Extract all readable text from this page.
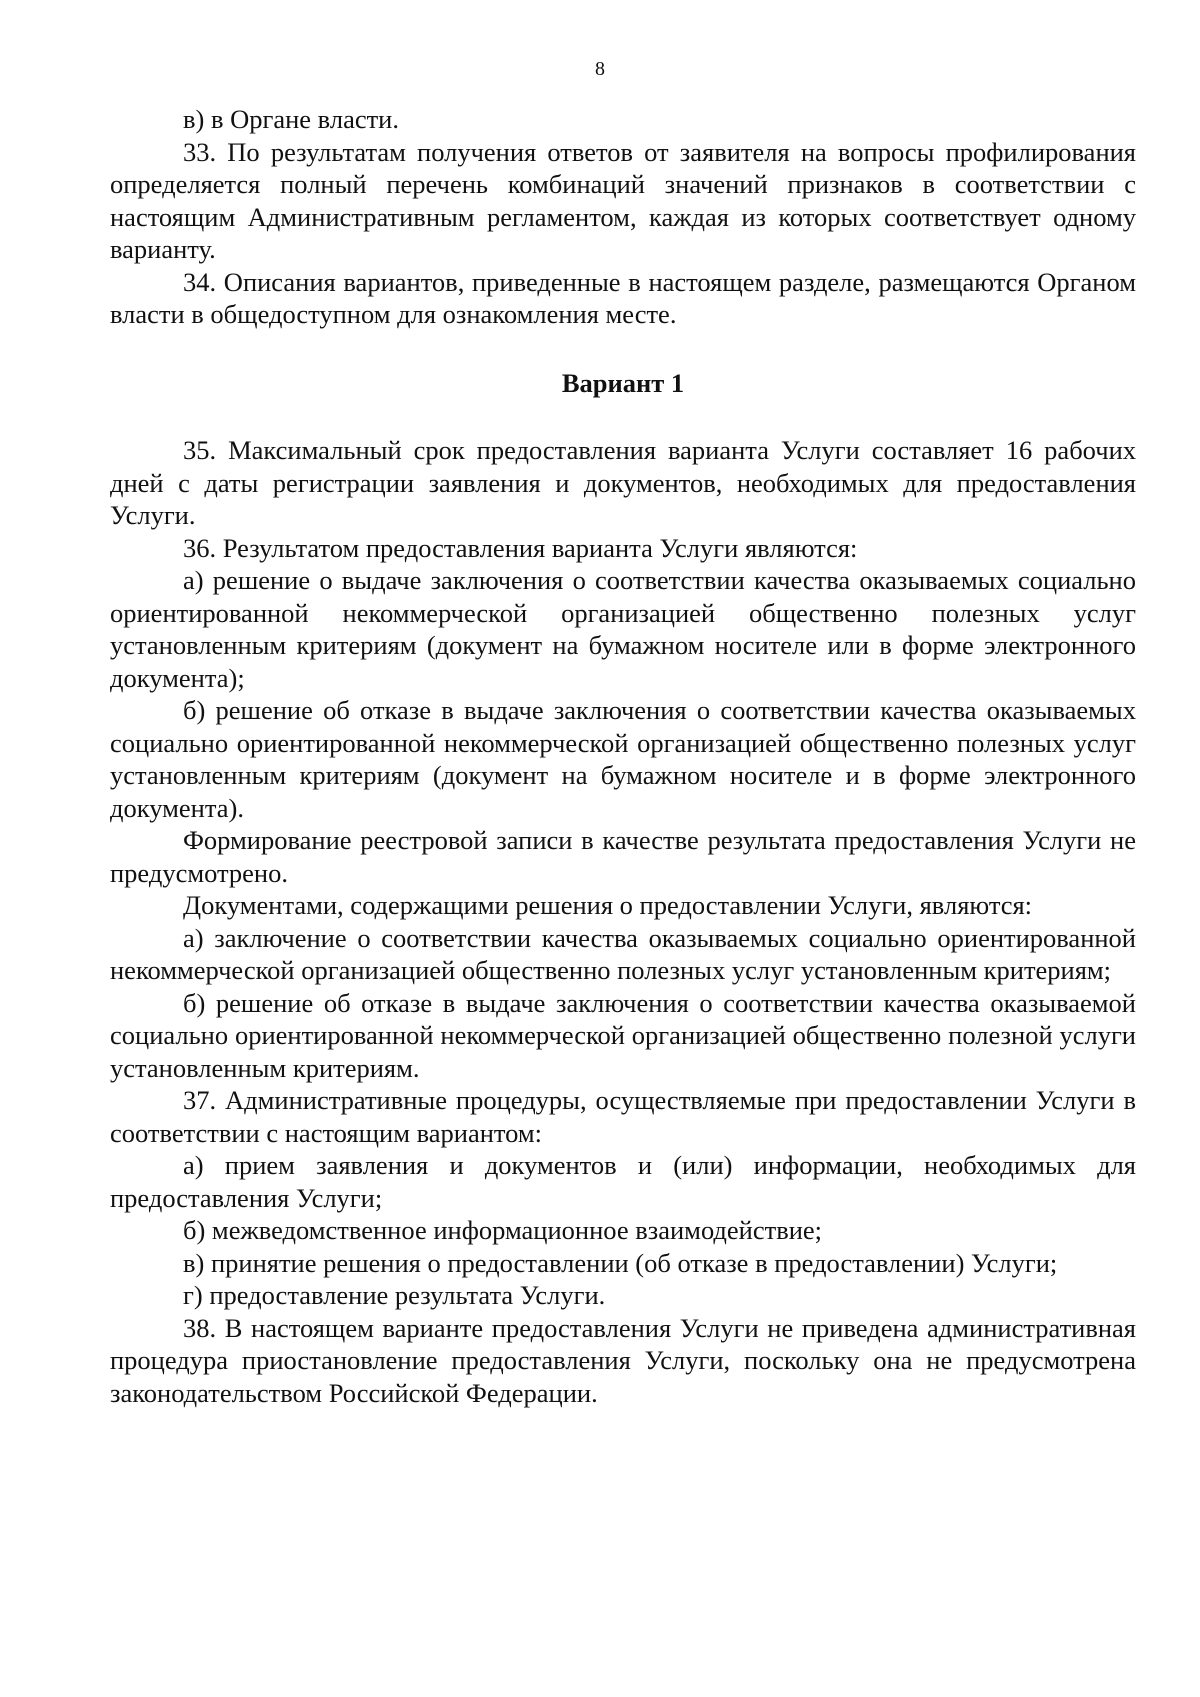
8

в) в Органе власти.

33. По результатам получения ответов от заявителя на вопросы профилирования определяется полный перечень комбинаций значений признаков в соответствии с настоящим Административным регламентом, каждая из которых соответствует одному варианту.

34. Описания вариантов, приведенные в настоящем разделе, размещаются Органом власти в общедоступном для ознакомления месте.

Вариант 1

35. Максимальный срок предоставления варианта Услуги составляет 16 рабочих дней с даты регистрации заявления и документов, необходимых для предоставления Услуги.

36. Результатом предоставления варианта Услуги являются:

а) решение о выдаче заключения о соответствии качества оказываемых социально ориентированной некоммерческой организацией общественно полезных услуг установленным критериям (документ на бумажном носителе или в форме электронного документа);

б) решение об отказе в выдаче заключения о соответствии качества оказываемых социально ориентированной некоммерческой организацией общественно полезных услуг установленным критериям (документ на бумажном носителе и в форме электронного документа).

Формирование реестровой записи в качестве результата предоставления Услуги не предусмотрено.

Документами, содержащими решения о предоставлении Услуги, являются:

а) заключение о соответствии качества оказываемых социально ориентированной некоммерческой организацией общественно полезных услуг установленным критериям;

б) решение об отказе в выдаче заключения о соответствии качества оказываемой социально ориентированной некоммерческой организацией общественно полезной услуги установленным критериям.

37. Административные процедуры, осуществляемые при предоставлении Услуги в соответствии с настоящим вариантом:

а) прием заявления и документов и (или) информации, необходимых для предоставления Услуги;

б) межведомственное информационное взаимодействие;

в) принятие решения о предоставлении (об отказе в предоставлении) Услуги;

г) предоставление результата Услуги.

38. В настоящем варианте предоставления Услуги не приведена административная процедура приостановление предоставления Услуги, поскольку она не предусмотрена законодательством Российской Федерации.
